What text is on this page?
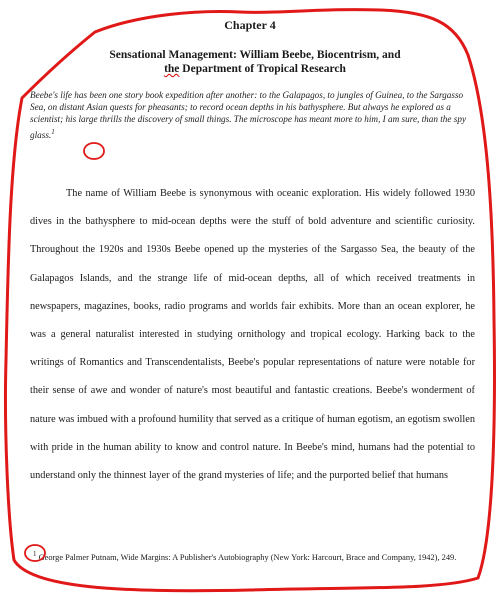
Chapter 4
Sensational Management: William Beebe, Biocentrism, and
the Department of Tropical Research
Beebe's life has been one story book expedition after another: to the Galapagos, to jungles of Guinea, to the Sargasso Sea, on distant Asian quests for pheasants; to record ocean depths in his bathysphere. But always he explored as a scientist; his large thrills the discovery of small things. The microscope has meant more to him, I am sure, than the spy glass.$^1$
The name of William Beebe is synonymous with oceanic exploration. His widely followed 1930 dives in the bathysphere to mid-ocean depths were the stuff of bold adventure and scientific curiosity. Throughout the 1920s and 1930s Beebe opened up the mysteries of the Sargasso Sea, the beauty of the Galapagos Islands, and the strange life of mid-ocean depths, all of which received treatments in newspapers, magazines, books, radio programs and worlds fair exhibits. More than an ocean explorer, he was a general naturalist interested in studying ornithology and tropical ecology. Harking back to the writings of Romantics and Transcendentalists, Beebe's popular representations of nature were notable for their sense of awe and wonder of nature's most beautiful and fantastic creations. Beebe's wonderment of nature was imbued with a profound humility that served as a critique of human egotism, an egotism swollen with pride in the human ability to know and control nature. In Beebe's mind, humans had the potential to understand only the thinnest layer of the grand mysteries of life; and the purported belief that humans
$^1$ George Palmer Putnam, Wide Margins: A Publisher's Autobiography (New York: Harcourt, Brace and Company, 1942), 249.
